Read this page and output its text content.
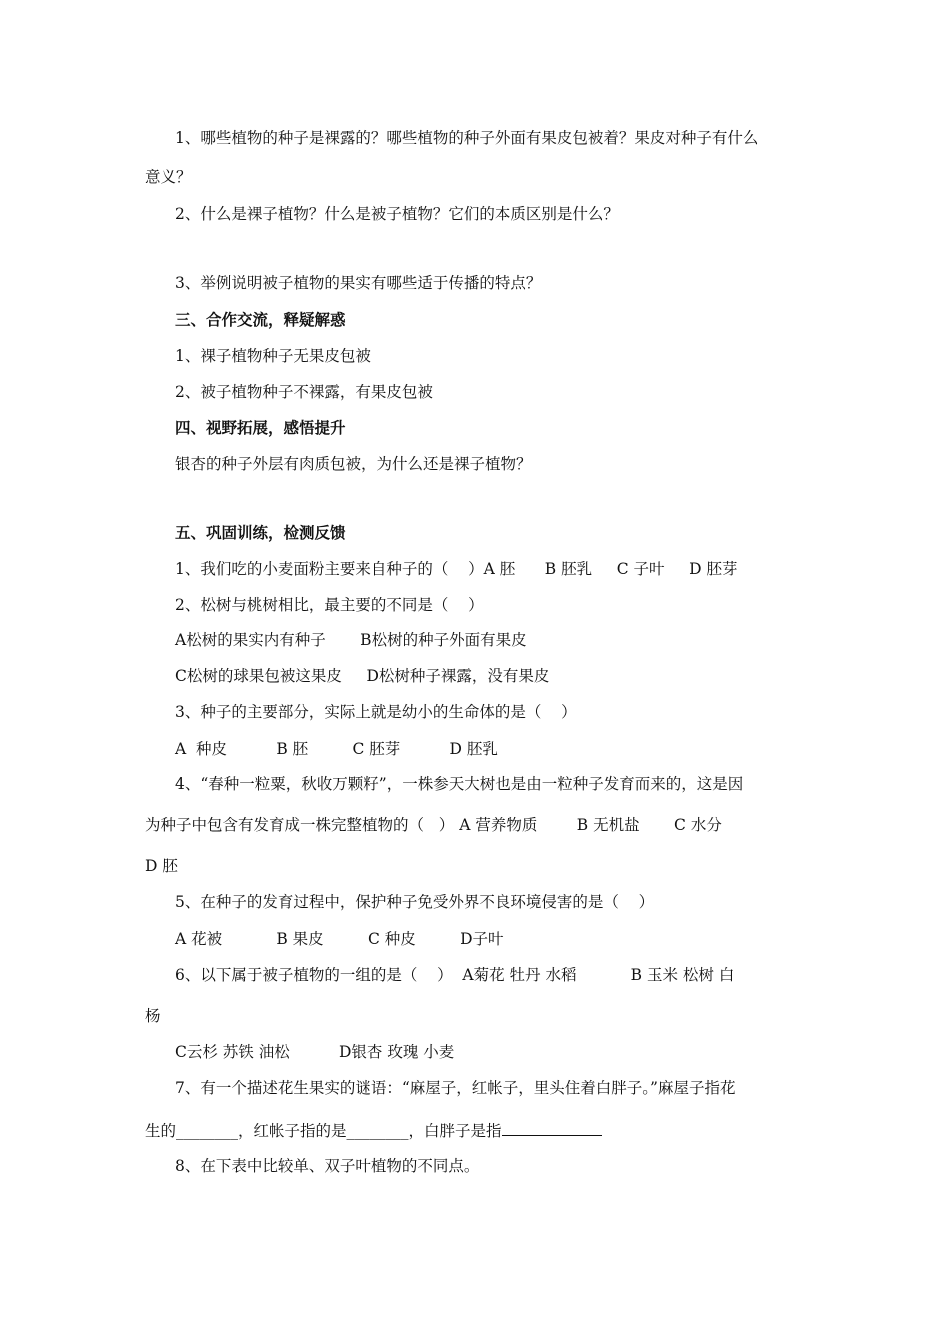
1、哪些植物的种子是裸露的？哪些植物的种子外面有果皮包被着？果皮对种子有什么
意义？
2、什么是裸子植物？什么是被子植物？它们的本质区别是什么？
3、举例说明被子植物的果实有哪些适于传播的特点？
三、合作交流，释疑解惑
1、裸子植物种子无果皮包被
2、被子植物种子不裸露，有果皮包被
四、视野拓展，感悟提升
银杏的种子外层有肉质包被，为什么还是裸子植物？
五、巩固训练，检测反馈
1、我们吃的小麦面粉主要来自种子的（    ）A 胚      B 胚乳     C 子叶     D 胚芽
2、松树与桃树相比，最主要的不同是（    ）
A松树的果实内有种子       B松树的种子外面有果皮
C松树的球果包被这果皮     D松树种子裸露，没有果皮
3、种子的主要部分，实际上就是幼小的生命体的是（    ）
A  种皮          B 胚         C 胚芽          D 胚乳
4、“春种一粒粟，秋收万颗籽”，一株参天大树也是由一粒种子发育而来的，这是因
为种子中包含有发育成一株完整植物的（   ） A 营养物质        B 无机盐       C 水分
D 胚
5、在种子的发育过程中，保护种子免受外界不良环境侵害的是（    ）
A 花被           B 果皮         C 种皮         D子叶
6、以下属于被子植物的一组的是（    ）  A菊花 牡丹 水稻           B 玉米 松树 白
杨
C云杉 苏铁 油松          D银杏 玫瑰 小麦
7、有一个描述花生果实的谜语：“麻屋子，红帐子，里头住着白胖子。”麻屋子指花
生的________，红帐子指的是________，白胖子是指
8、在下表中比较单、双子叶植物的不同点。
